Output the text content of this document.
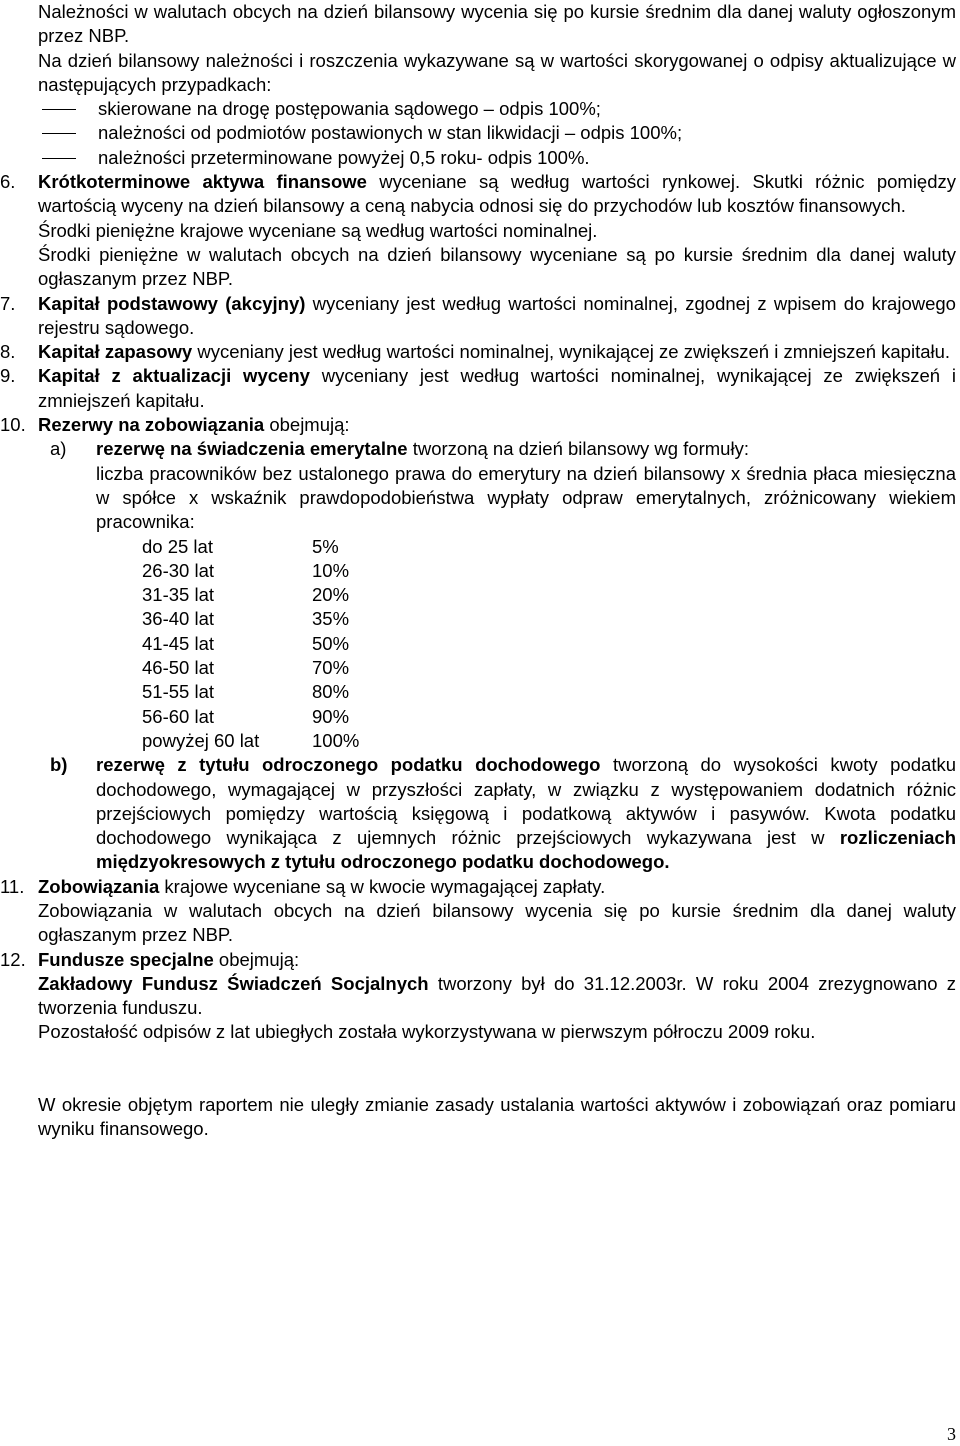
Należności w walutach obcych na dzień bilansowy wycenia się po kursie średnim dla danej waluty ogłoszonym przez NBP.

Na dzień bilansowy należności i roszczenia wykazywane są w wartości skorygowanej o odpisy aktualizujące w następujących przypadkach:

skierowane na drogę postępowania sądowego – odpis 100%;

należności od podmiotów postawionych w stan likwidacji – odpis 100%;

należności przeterminowane powyżej 0,5 roku- odpis 100%.

6. Krótkoterminowe aktywa finansowe wyceniane są według wartości rynkowej. Skutki różnic pomiędzy wartością wyceny na dzień bilansowy a ceną nabycia odnosi się do przychodów lub kosztów finansowych.

Środki pieniężne krajowe wyceniane są według wartości nominalnej.

Środki pieniężne w walutach obcych na dzień bilansowy wyceniane są po kursie średnim dla danej waluty ogłaszanym przez NBP.

7. Kapitał podstawowy (akcyjny) wyceniany jest według wartości nominalnej, zgodnej z wpisem do krajowego rejestru sądowego.

8. Kapitał zapasowy wyceniany jest według wartości nominalnej, wynikającej ze zwiększeń i zmniejszeń kapitału.

9. Kapitał z aktualizacji wyceny wyceniany jest według wartości nominalnej, wynikającej ze zwiększeń i zmniejszeń kapitału.

10. Rezerwy na zobowiązania obejmują:

a) rezerwę na świadczenia emerytalne tworzoną na dzień bilansowy wg formuły:

liczba pracowników bez ustalonego prawa do emerytury na dzień bilansowy x średnia płaca miesięczna w spółce x wskaźnik prawdopodobieństwa wypłaty odpraw emerytalnych, zróżnicowany wiekiem pracownika:

do 25 lat	5%
26-30 lat	10%
31-35 lat	20%
36-40 lat	35%
41-45 lat	50%
46-50 lat	70%
51-55 lat	80%
56-60 lat	90%
powyżej 60 lat	100%

b) rezerwę z tytułu odroczonego podatku dochodowego tworzoną do wysokości kwoty podatku dochodowego, wymagającej w przyszłości zapłaty, w związku z występowaniem dodatnich różnic przejściowych pomiędzy wartością księgową i podatkową aktywów i pasywów. Kwota podatku dochodowego wynikająca z ujemnych różnic przejściowych wykazywana jest w rozliczeniach międzyokresowych z tytułu odroczonego podatku dochodowego.

11. Zobowiązania krajowe wyceniane są w kwocie wymagającej zapłaty.

Zobowiązania w walutach obcych na dzień bilansowy wycenia się po kursie średnim dla danej waluty ogłaszanym przez NBP.

12. Fundusze specjalne obejmują:

Zakładowy Fundusz Świadczeń Socjalnych tworzony był do 31.12.2003r. W roku 2004 zrezygnowano z tworzenia funduszu.

Pozostałość odpisów z lat ubiegłych została wykorzystywana w pierwszym półroczu 2009 roku.

W okresie objętym raportem nie uległy zmianie zasady ustalania wartości aktywów i zobowiązań oraz pomiaru wyniku finansowego.

3
